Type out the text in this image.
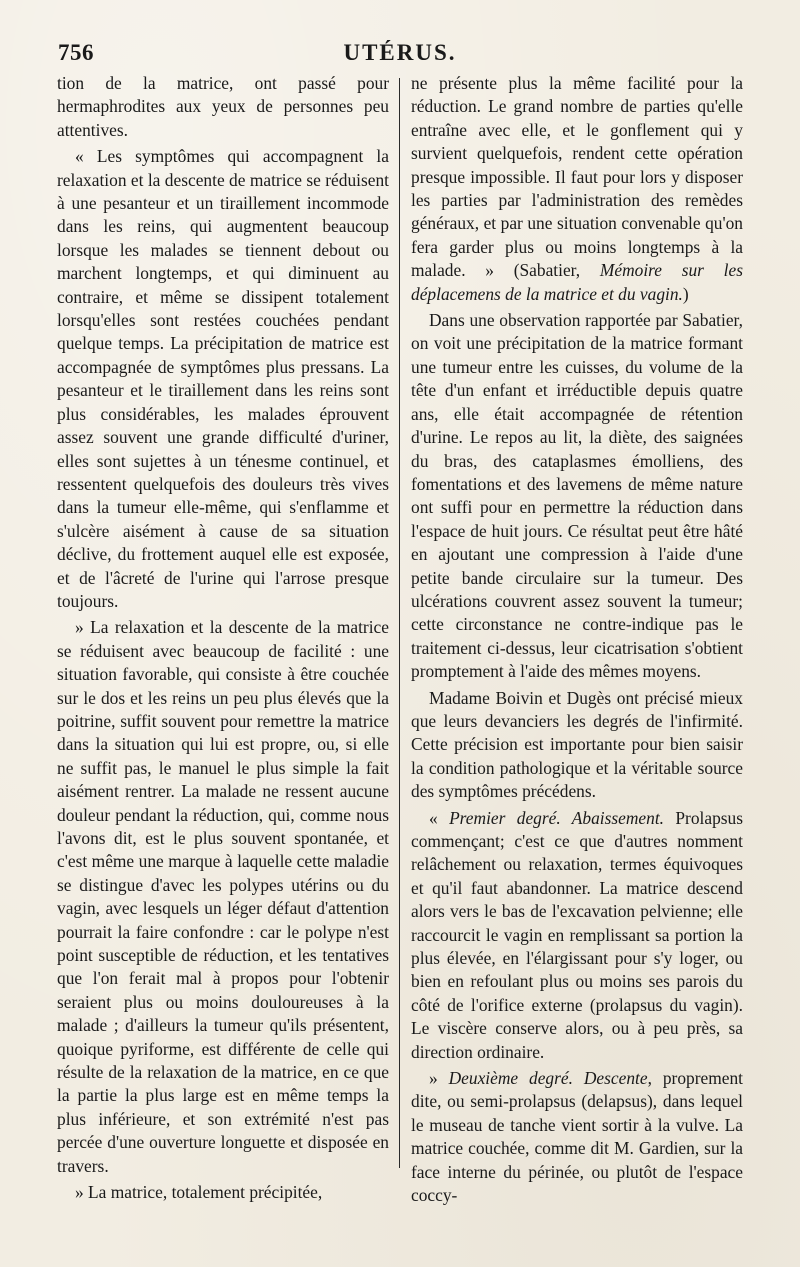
756	UTÉRUS.

tion de la matrice, ont passé pour hermaphrodites aux yeux de personnes peu attentives.

« Les symptômes qui accompagnent la relaxation et la descente de matrice se réduisent à une pesanteur et un tiraillement incommode dans les reins, qui augmentent beaucoup lorsque les malades se tiennent debout ou marchent longtemps, et qui diminuent au contraire, et même se dissipent totalement lorsqu'elles sont restées couchées pendant quelque temps. La précipitation de matrice est accompagnée de symptômes plus pressans. La pesanteur et le tiraillement dans les reins sont plus considérables, les malades éprouvent assez souvent une grande difficulté d'uriner, elles sont sujettes à un ténesme continuel, et ressentent quelquefois des douleurs très vives dans la tumeur elle-même, qui s'enflamme et s'ulcère aisément à cause de sa situation déclive, du frottement auquel elle est exposée, et de l'âcreté de l'urine qui l'arrose presque toujours.

» La relaxation et la descente de la matrice se réduisent avec beaucoup de facilité : une situation favorable, qui consiste à être couchée sur le dos et les reins un peu plus élevés que la poitrine, suffit souvent pour remettre la matrice dans la situation qui lui est propre, ou, si elle ne suffit pas, le manuel le plus simple la fait aisément rentrer. La malade ne ressent aucune douleur pendant la réduction, qui, comme nous l'avons dit, est le plus souvent spontanée, et c'est même une marque à laquelle cette maladie se distingue d'avec les polypes utérins ou du vagin, avec lesquels un léger défaut d'attention pourrait la faire confondre : car le polype n'est point susceptible de réduction, et les tentatives que l'on ferait mal à propos pour l'obtenir seraient plus ou moins douloureuses à la malade ; d'ailleurs la tumeur qu'ils présentent, quoique pyriforme, est différente de celle qui résulte de la relaxation de la matrice, en ce que la partie la plus large est en même temps la plus inférieure, et son extrémité n'est pas percée d'une ouverture longuette et disposée en travers.

» La matrice, totalement précipitée,

ne présente plus la même facilité pour la réduction. Le grand nombre de parties qu'elle entraîne avec elle, et le gonflement qui y survient quelquefois, rendent cette opération presque impossible. Il faut pour lors y disposer les parties par l'administration des remèdes généraux, et par une situation convenable qu'on fera garder plus ou moins longtemps à la malade. » (Sabatier, Mémoire sur les déplacemens de la matrice et du vagin.)

Dans une observation rapportée par Sabatier, on voit une précipitation de la matrice formant une tumeur entre les cuisses, du volume de la tête d'un enfant et irréductible depuis quatre ans, elle était accompagnée de rétention d'urine. Le repos au lit, la diète, des saignées du bras, des cataplasmes émolliens, des fomentations et des lavemens de même nature ont suffi pour en permettre la réduction dans l'espace de huit jours. Ce résultat peut être hâté en ajoutant une compression à l'aide d'une petite bande circulaire sur la tumeur. Des ulcérations couvrent assez souvent la tumeur; cette circonstance ne contre-indique pas le traitement ci-dessus, leur cicatrisation s'obtient promptement à l'aide des mêmes moyens.

Madame Boivin et Dugès ont précisé mieux que leurs devanciers les degrés de l'infirmité. Cette précision est importante pour bien saisir la condition pathologique et la véritable source des symptômes précédens.

« Premier degré. Abaissement. Prolapsus commençant; c'est ce que d'autres nomment relâchement ou relaxation, termes équivoques et qu'il faut abandonner. La matrice descend alors vers le bas de l'excavation pelvienne; elle raccourcit le vagin en remplissant sa portion la plus élevée, en l'élargissant pour s'y loger, ou bien en refoulant plus ou moins ses parois du côté de l'orifice externe (prolapsus du vagin). Le viscère conserve alors, ou à peu près, sa direction ordinaire.

» Deuxième degré. Descente, proprement dite, ou semi-prolapsus (delapsus), dans lequel le museau de tanche vient sortir à la vulve. La matrice couchée, comme dit M. Gardien, sur la face interne du périnée, ou plutôt de l'espace coccy-
